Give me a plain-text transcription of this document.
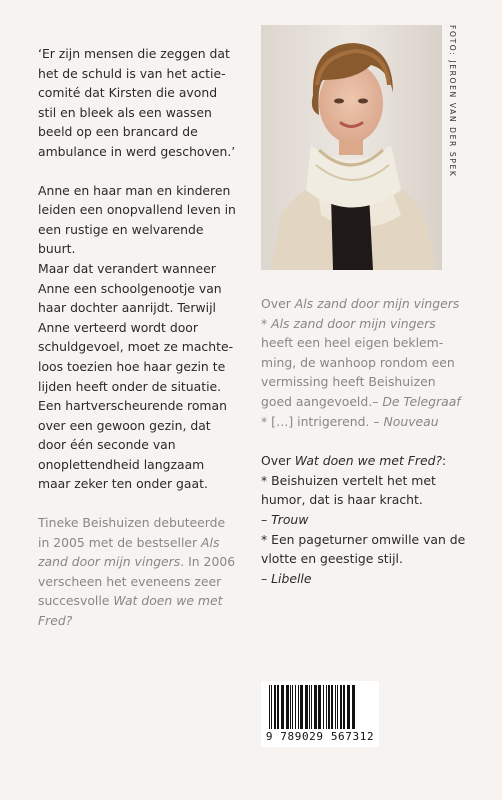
‘Er zijn mensen die zeggen dat het de schuld is van het actiecomité dat Kirsten die avond stil en bleek als een wassen beeld op een brancard de ambulance in werd geschoven.’

Anne en haar man en kinderen leiden een onopvallend leven in een rustige en welvarende buurt.

Maar dat verandert wanneer Anne een schoolgenootje van haar dochter aanrijdt. Terwijl Anne verteerd wordt door schuldgevoel, moet ze machteloos toezien hoe haar gezin te lijden heeft onder de situatie.

Een hartverscheurende roman over een gewoon gezin, dat door één seconde van onoplettendheid langzaam maar zeker ten onder gaat.

Tineke Beishuizen debuteerde in 2005 met de bestseller Als zand door mijn vingers. In 2006 verscheen het eveneens zeer succesvolle Wat doen we met Fred?

FOTO: JEROEN VAN DER SPEK

Over Als zand door mijn vingers

* Als zand door mijn vingers heeft een heel eigen beklemming, de wanhoop rondom een vermissing heeft Beishuizen goed aangevoeld.– De Telegraaf

* […] intrigerend. – Nouveau

Over Wat doen we met Fred?:

* Beishuizen vertelt het met humor, dat is haar kracht.

– Trouw

* Een pageturner omwille van de vlotte en geestige stijl.

– Libelle

9 789029 567312
